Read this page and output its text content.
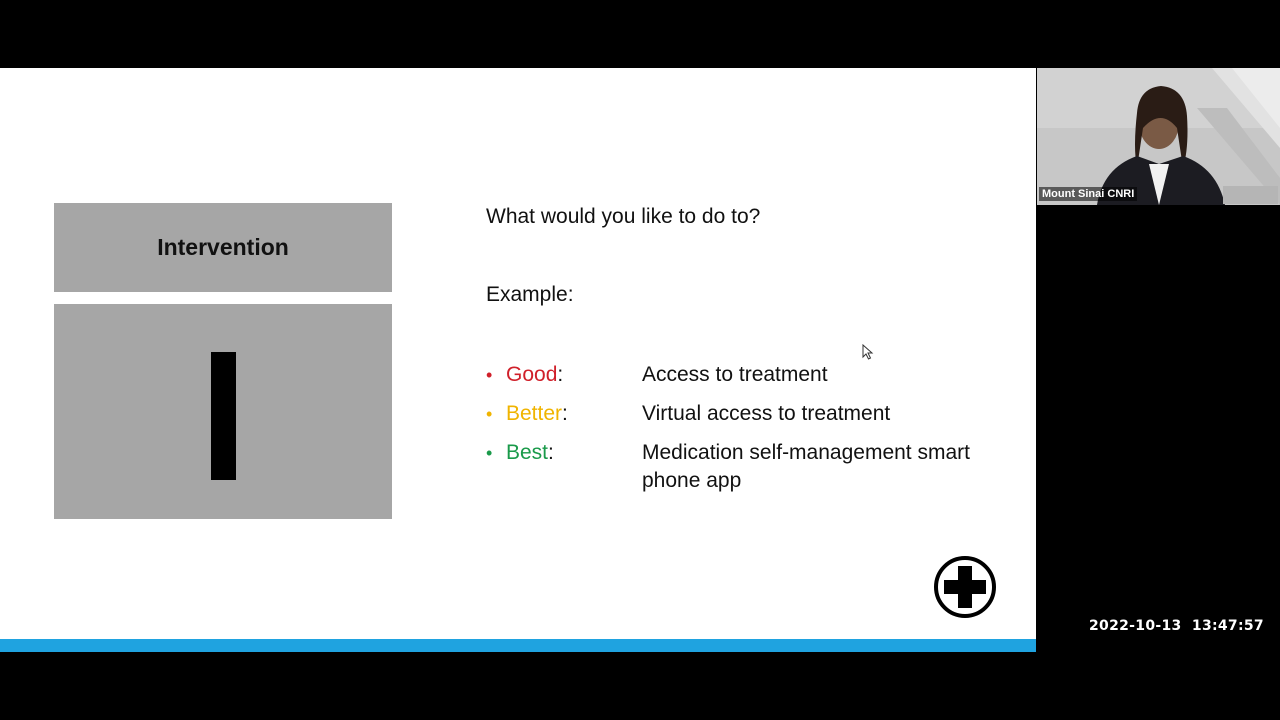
Intervention
What would you like to do to?
Example:
• Good:	Access to treatment
• Better:	Virtual access to treatment
• Best:	Medication self-management smart phone app
Mount Sinai CNRI
2022-10-13  13:47:57
